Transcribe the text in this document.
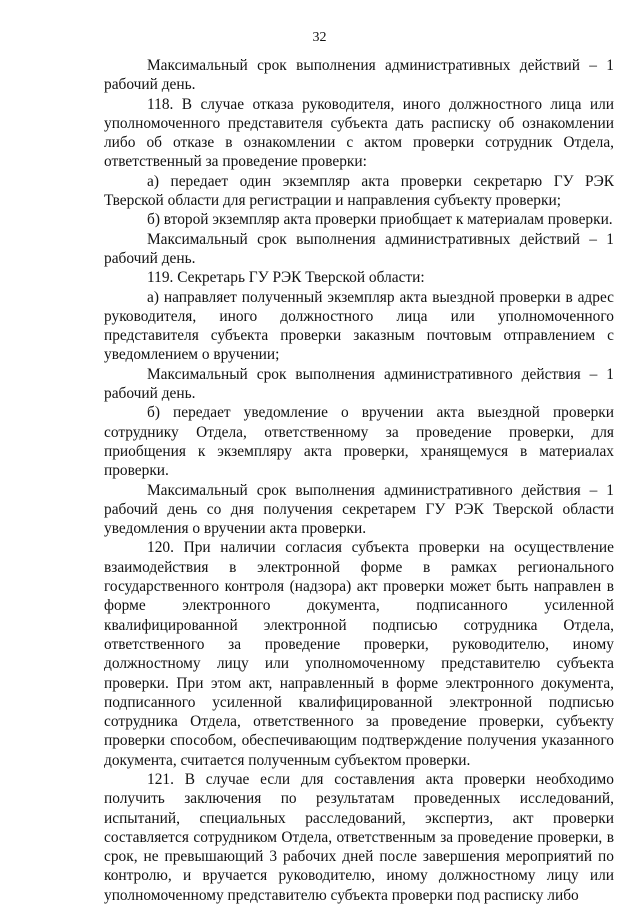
32

Максимальный срок выполнения административных действий – 1 рабочий день.

118. В случае отказа руководителя, иного должностного лица или уполномоченного представителя субъекта дать расписку об ознакомлении либо об отказе в ознакомлении с актом проверки сотрудник Отдела, ответственный за проведение проверки:

а) передает один экземпляр акта проверки секретарю ГУ РЭК Тверской области для регистрации и направления субъекту проверки;

б) второй экземпляр акта проверки приобщает к материалам проверки.

Максимальный срок выполнения административных действий – 1 рабочий день.

119. Секретарь ГУ РЭК Тверской области:

а) направляет полученный экземпляр акта выездной проверки в адрес руководителя, иного должностного лица или уполномоченного представителя субъекта проверки заказным почтовым отправлением с уведомлением о вручении;

Максимальный срок выполнения административного действия – 1 рабочий день.

б) передает уведомление о вручении акта выездной проверки сотруднику Отдела, ответственному за проведение проверки, для приобщения к экземпляру акта проверки, хранящемуся в материалах проверки.

Максимальный срок выполнения административного действия – 1 рабочий день со дня получения секретарем ГУ РЭК Тверской области уведомления о вручении акта проверки.

120. При наличии согласия субъекта проверки на осуществление взаимодействия в электронной форме в рамках регионального государственного контроля (надзора) акт проверки может быть направлен в форме электронного документа, подписанного усиленной квалифицированной электронной подписью сотрудника Отдела, ответственного за проведение проверки, руководителю, иному должностному лицу или уполномоченному представителю субъекта проверки. При этом акт, направленный в форме электронного документа, подписанного усиленной квалифицированной электронной подписью сотрудника Отдела, ответственного за проведение проверки, субъекту проверки способом, обеспечивающим подтверждение получения указанного документа, считается полученным субъектом проверки.

121. В случае если для составления акта проверки необходимо получить заключения по результатам проведенных исследований, испытаний, специальных расследований, экспертиз, акт проверки составляется сотрудником Отдела, ответственным за проведение проверки, в срок, не превышающий 3 рабочих дней после завершения мероприятий по контролю, и вручается руководителю, иному должностному лицу или уполномоченному представителю субъекта проверки под расписку либо
